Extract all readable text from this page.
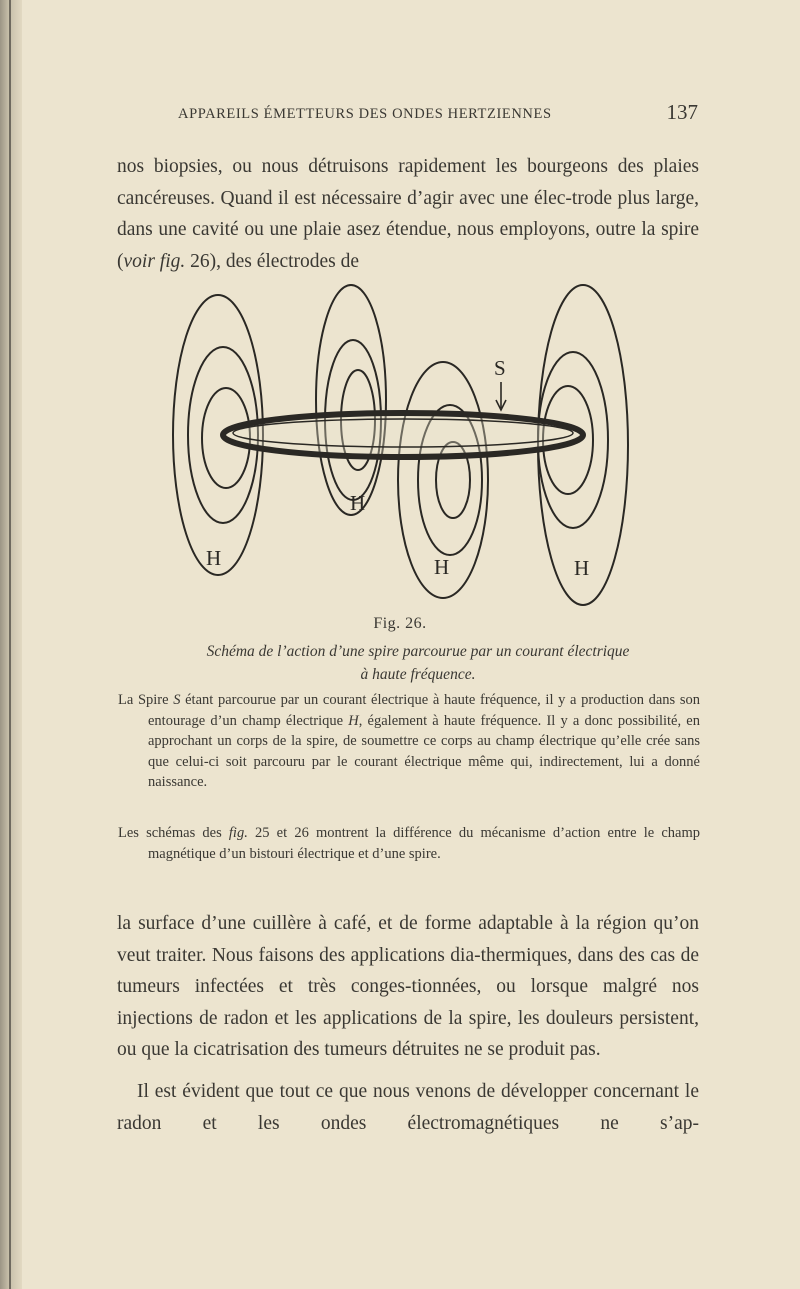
APPAREILS ÉMETTEURS DES ONDES HERTZIENNES	137
nos biopsies, ou nous détruisons rapidement les bourgeons des plaies cancéreuses. Quand il est nécessaire d’agir avec une élec-trode plus large, dans une cavité ou une plaie asez étendue, nous employons, outre la spire (voir fig. 26), des électrodes de
S
H
H
H	H
Fig. 26.
Schéma de l’action d’une spire parcourue par un courant électrique
à haute fréquence.
La Spire S étant parcourue par un courant électrique à haute fréquence, il y a production dans son entourage d’un champ électrique H, également à haute fréquence. Il y a donc possibilité, en approchant un corps de la spire, de soumettre ce corps au champ électrique qu’elle crée sans que celui-ci soit parcouru par le courant électrique même qui, indirectement, lui a donné naissance.
Les schémas des fig. 25 et 26 montrent la différence du mécanisme d’action entre le champ magnétique d’un bistouri électrique et d’une spire.
la surface d’une cuillère à café, et de forme adaptable à la région qu’on veut traiter. Nous faisons des applications dia-thermiques, dans des cas de tumeurs infectées et très conges-tionnées, ou lorsque malgré nos injections de radon et les applications de la spire, les douleurs persistent, ou que la cicatrisation des tumeurs détruites ne se produit pas.
Il est évident que tout ce que nous venons de développer concernant le radon et les ondes électromagnétiques ne s’ap-
